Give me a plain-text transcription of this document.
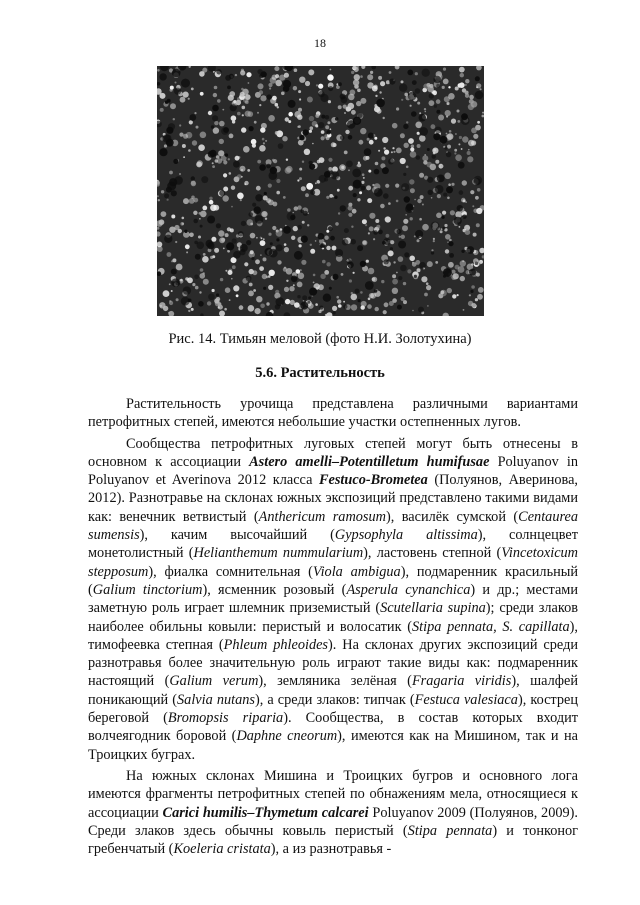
18
Рис. 14. Тимьян меловой (фото Н.И. Золотухина)
5.6. Растительность

Растительность урочища представлена различными вариантами петрофитных степей, имеются небольшие участки остепненных лугов.

Сообщества петрофитных луговых степей могут быть отнесены в основном к ассоциации Astero amelli–Potentilletum humifusae Poluyanov in Poluyanov et Averinova 2012 класса Festuco-Brometea (Полуянов, Аверинова, 2012). Разнотравье на склонах южных экспозиций представлено такими видами как: венечник ветвистый (Anthericum ramosum), василёк сумской (Centaurea sumensis), качим высочайший (Gypsophyla altissima), солнцецвет монетолистный (Helianthemum nummularium), ластовень степной (Vincetoxicum stepposum), фиалка сомнительная (Viola ambigua), подмаренник красильный (Galium tinctorium), ясменник розовый (Asperula cynanchica) и др.; местами заметную роль играет шлемник приземистый (Scutellaria supina); среди злаков наиболее обильны ковыли: перистый и волосатик (Stipa pennata, S. capillata), тимофеевка степная (Phleum phleoides). На склонах других экспозиций среди разнотравья более значительную роль играют такие виды как: подмаренник настоящий (Galium verum), земляника зелёная (Fragaria viridis), шалфей поникающий (Salvia nutans), а среди злаков: типчак (Festuca valesiaca), кострец береговой (Bromopsis riparia). Сообщества, в состав которых входит волчеягодник боровой (Daphne cneorum), имеются как на Мишином, так и на Троицких буграх.

На южных склонах Мишина и Троицких бугров и основного лога имеются фрагменты петрофитных степей по обнажениям мела, относящиеся к ассоциации Carici humilis–Thymetum calcarei Poluyanov 2009 (Полуянов, 2009). Среди злаков здесь обычны ковыль перистый (Stipa pennata) и тонконог гребенчатый (Koeleria cristata), а из разнотравья -
